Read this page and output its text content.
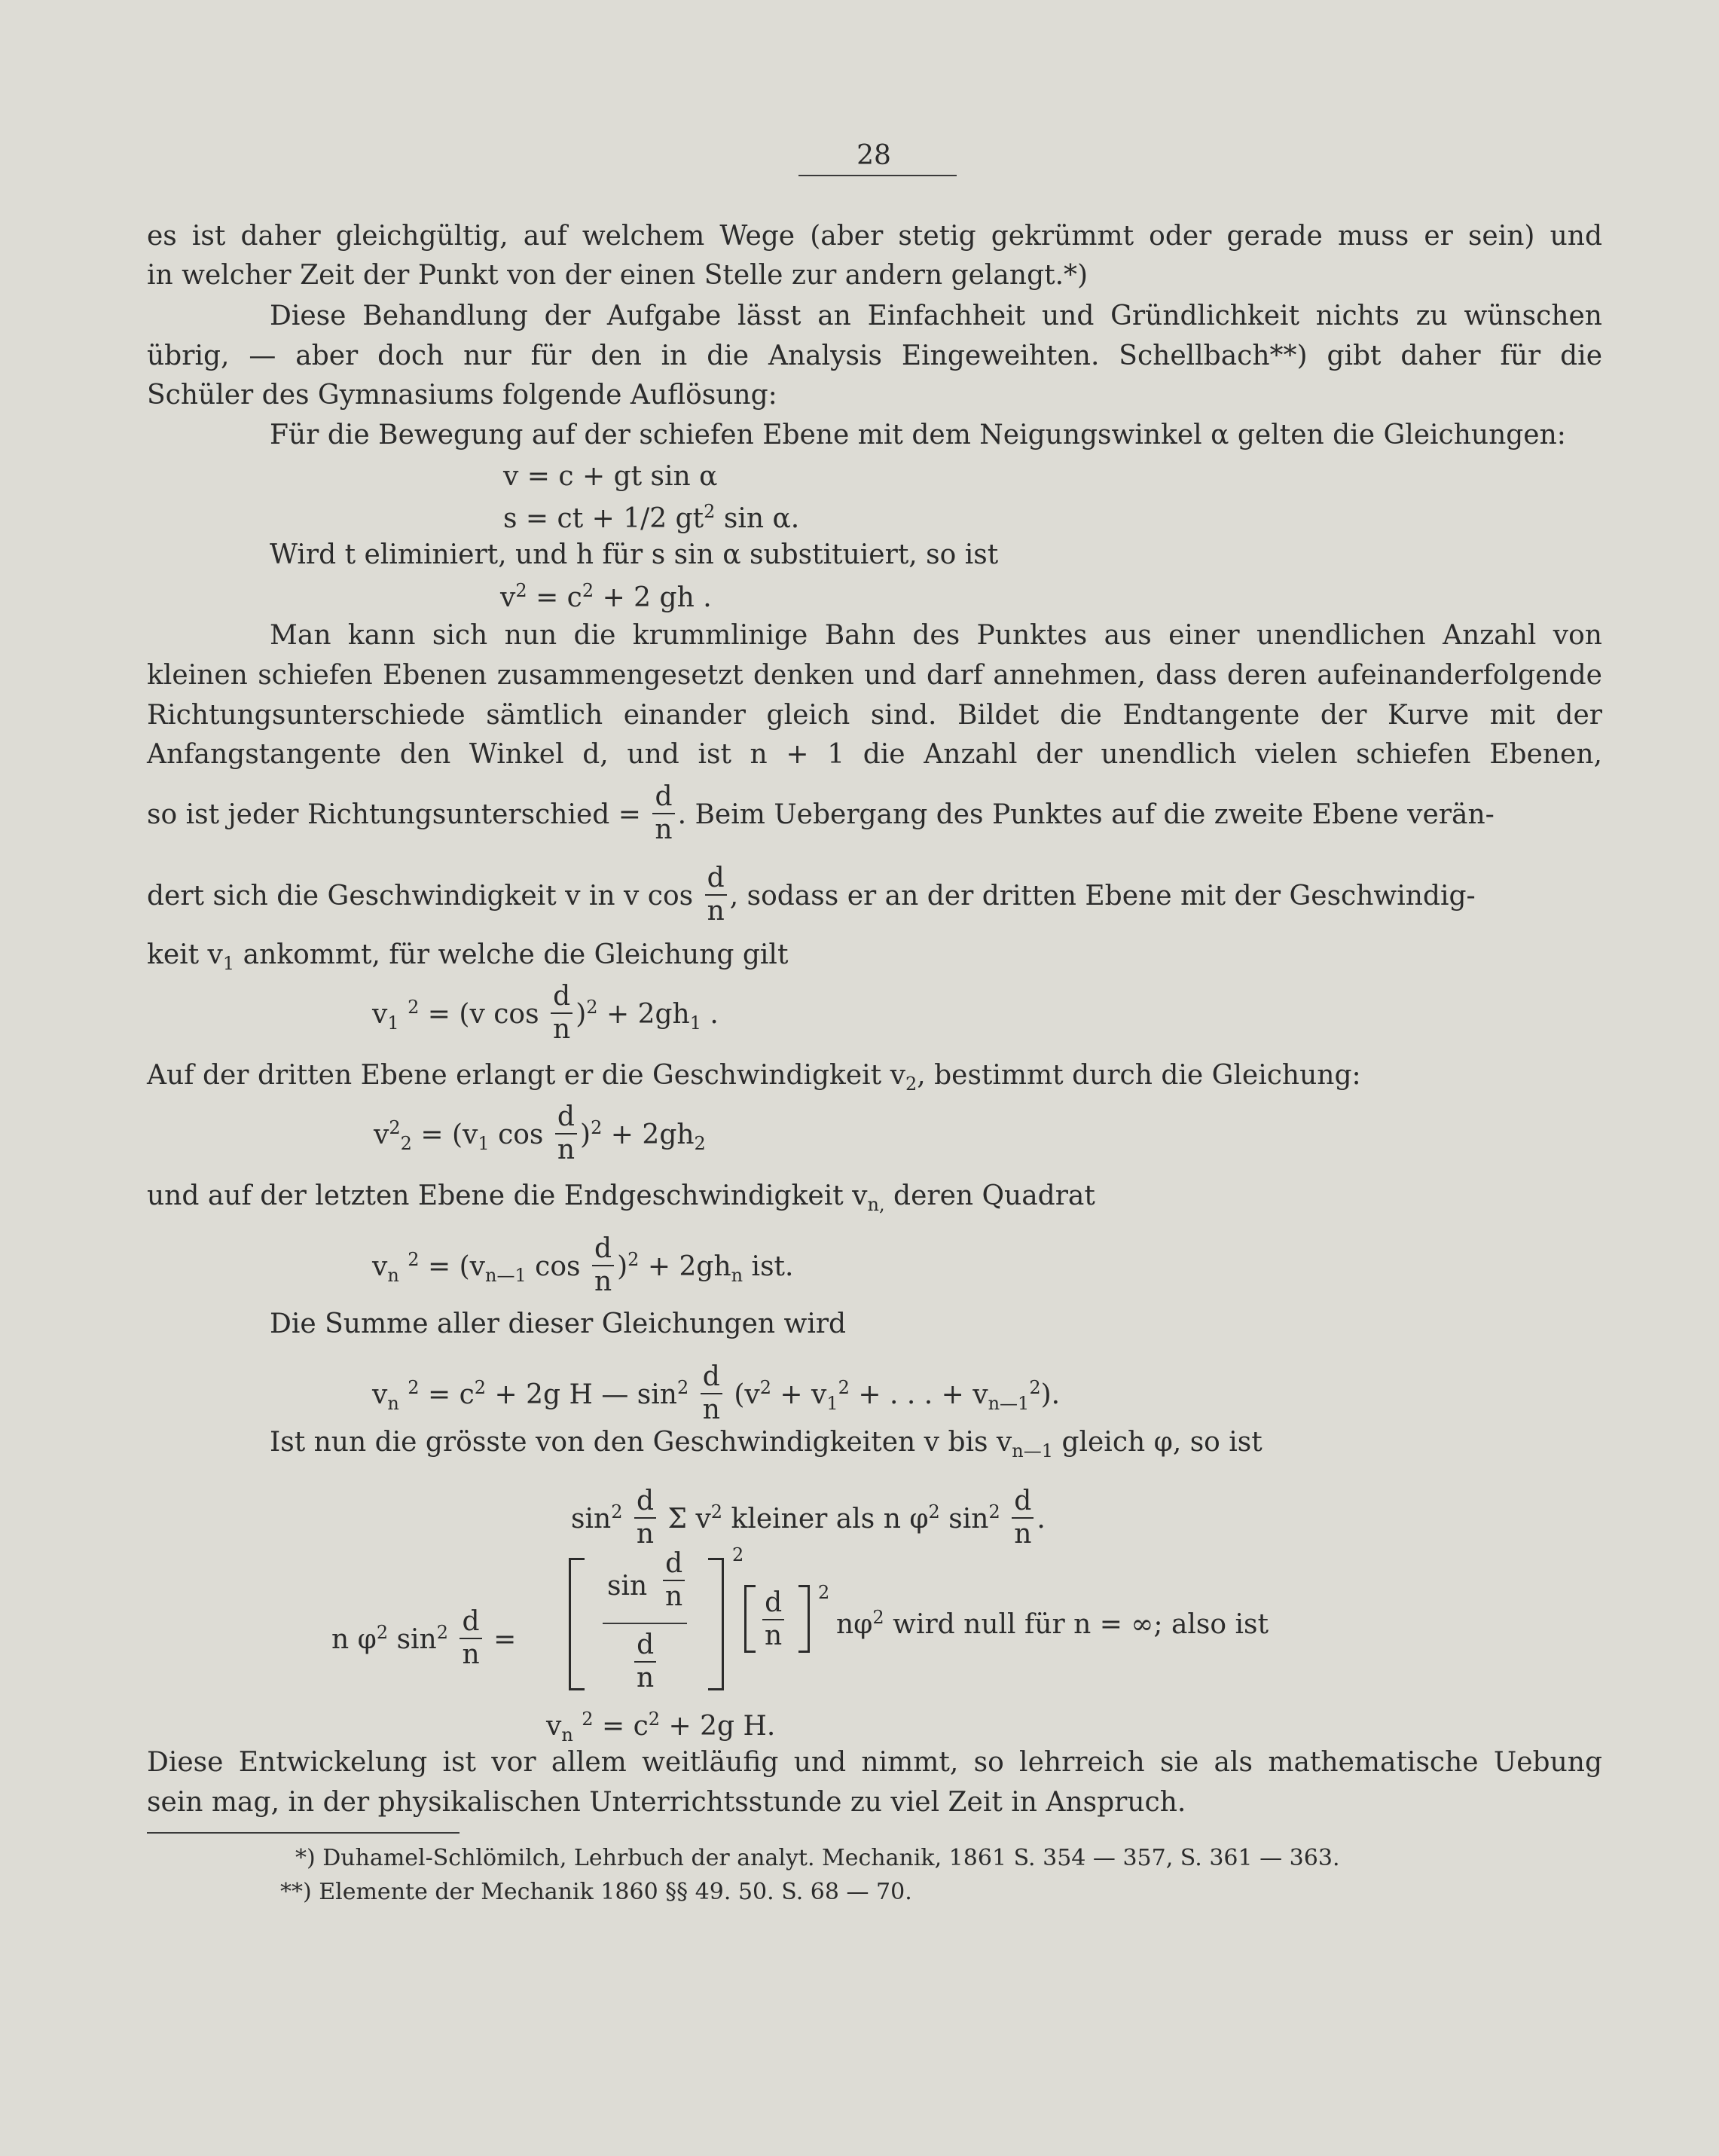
28
es ist daher gleichgültig, auf welchem Wege (aber stetig gekrümmt oder gerade muss er sein) und
in welcher Zeit der Punkt von der einen Stelle zur andern gelangt.*)
Diese Behandlung der Aufgabe lässt an Einfachheit und Gründlichkeit nichts zu wünschen
übrig, — aber doch nur für den in die Analysis Eingeweihten. Schellbach**) gibt daher für die
Schüler des Gymnasiums folgende Auflösung:
Für die Bewegung auf der schiefen Ebene mit dem Neigungswinkel α gelten die Gleichungen:
v = c + gt sin α
s = ct + 1/2 $gt^2$ sin α.
Wird t eliminiert, und h für s sin α substituiert, so ist
$v^2 = c^2 + 2$ gh .
Man kann sich nun die krummlinige Bahn des Punktes aus einer unendlichen Anzahl von
kleinen schiefen Ebenen zusammengesetzt denken und darf annehmen, dass deren aufeinanderfolgende
Richtungsunterschiede sämtlich einander gleich sind. Bildet die Endtangente der Kurve mit der
Anfangstangente den Winkel d, und ist n + 1 die Anzahl der unendlich vielen schiefen Ebenen,
so ist jeder Richtungsunterschied = $\frac{d}{n}$ . Beim Uebergang des Punktes auf die zweite Ebene verän-
dert sich die Geschwindigkeit v in v $\cos \frac{d}{n}$ , sodass er an der dritten Ebene mit der Geschwindig-
keit $v_1$ ankommt, für welche die Gleichung gilt
$v_1$ $^2$ = (v $\cos \frac{d}{n} )^2 + 2gh_1$ .
Auf der dritten Ebene erlangt er die Geschwindigkeit $v_2$, bestimmt durch die Gleichung:
$v^2_2 = (v_1$ $\cos \frac{d}{n} )^2 + 2gh_2$
und auf der letzten Ebene die Endgeschwindigkeit $v_{n,}$ deren Quadrat
$v_n$ $^2 = (v_{n—1}$ $\cos \frac{d}{n} )^2 + 2gh_n$ ist.
Die Summe aller dieser Gleichungen wird
$v_n$ $^2 = c^2 + 2g$ H — $\sin^2 \frac{d}{n} (v^2 + v_1^2$ + . . . + $v_{n—1}^2$).
Ist nun die grösste von den Geschwindigkeiten v bis $v_{n—1}$ gleich φ, so ist
$\sin^2 \frac{d}{n}$ Σ $v^2$ kleiner als n $\varphi^2$ $\sin^2 \frac{d}{n}$ .
n $\varphi^2$ $\sin^2 \frac{d}{n}$ =
2
$\sin \frac{d}{n}$
$\frac{d}{n}$
$\frac{d}{n} 2$
$n\varphi^2$ wird null für n = ∞; also ist
$v_n$ $^2 = c^2 + 2g$ H.
Diese Entwickelung ist vor allem weitläufig und nimmt, so lehrreich sie als mathematische Uebung
sein mag, in der physikalischen Unterrichtsstunde zu viel Zeit in Anspruch.
*) Duhamel-Schlömilch, Lehrbuch der analyt. Mechanik, 1861 S. 354 — 357, S. 361 — 363.
**) Elemente der Mechanik 1860 §§ 49. 50. S. 68 — 70.
